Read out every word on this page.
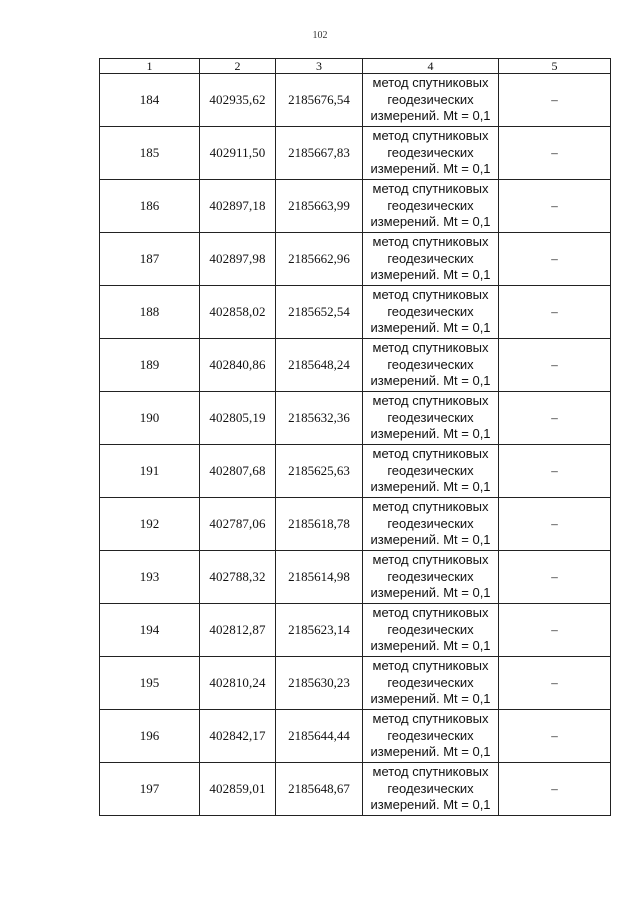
102
1	2	3	4	5
184	402935,62	2185676,54	метод спутниковых
геодезических
измерений. Mt = 0,1	–
185	402911,50	2185667,83	метод спутниковых
геодезических
измерений. Mt = 0,1	–
186	402897,18	2185663,99	метод спутниковых
геодезических
измерений. Mt = 0,1	–
187	402897,98	2185662,96	метод спутниковых
геодезических
измерений. Mt = 0,1	–
188	402858,02	2185652,54	метод спутниковых
геодезических
измерений. Mt = 0,1	–
189	402840,86	2185648,24	метод спутниковых
геодезических
измерений. Mt = 0,1	–
190	402805,19	2185632,36	метод спутниковых
геодезических
измерений. Mt = 0,1	–
191	402807,68	2185625,63	метод спутниковых
геодезических
измерений. Mt = 0,1	–
192	402787,06	2185618,78	метод спутниковых
геодезических
измерений. Mt = 0,1	–
193	402788,32	2185614,98	метод спутниковых
геодезических
измерений. Mt = 0,1	–
194	402812,87	2185623,14	метод спутниковых
геодезических
измерений. Mt = 0,1	–
195	402810,24	2185630,23	метод спутниковых
геодезических
измерений. Mt = 0,1	–
196	402842,17	2185644,44	метод спутниковых
геодезических
измерений. Mt = 0,1	–
197	402859,01	2185648,67	метод спутниковых
геодезических
измерений. Mt = 0,1	–
